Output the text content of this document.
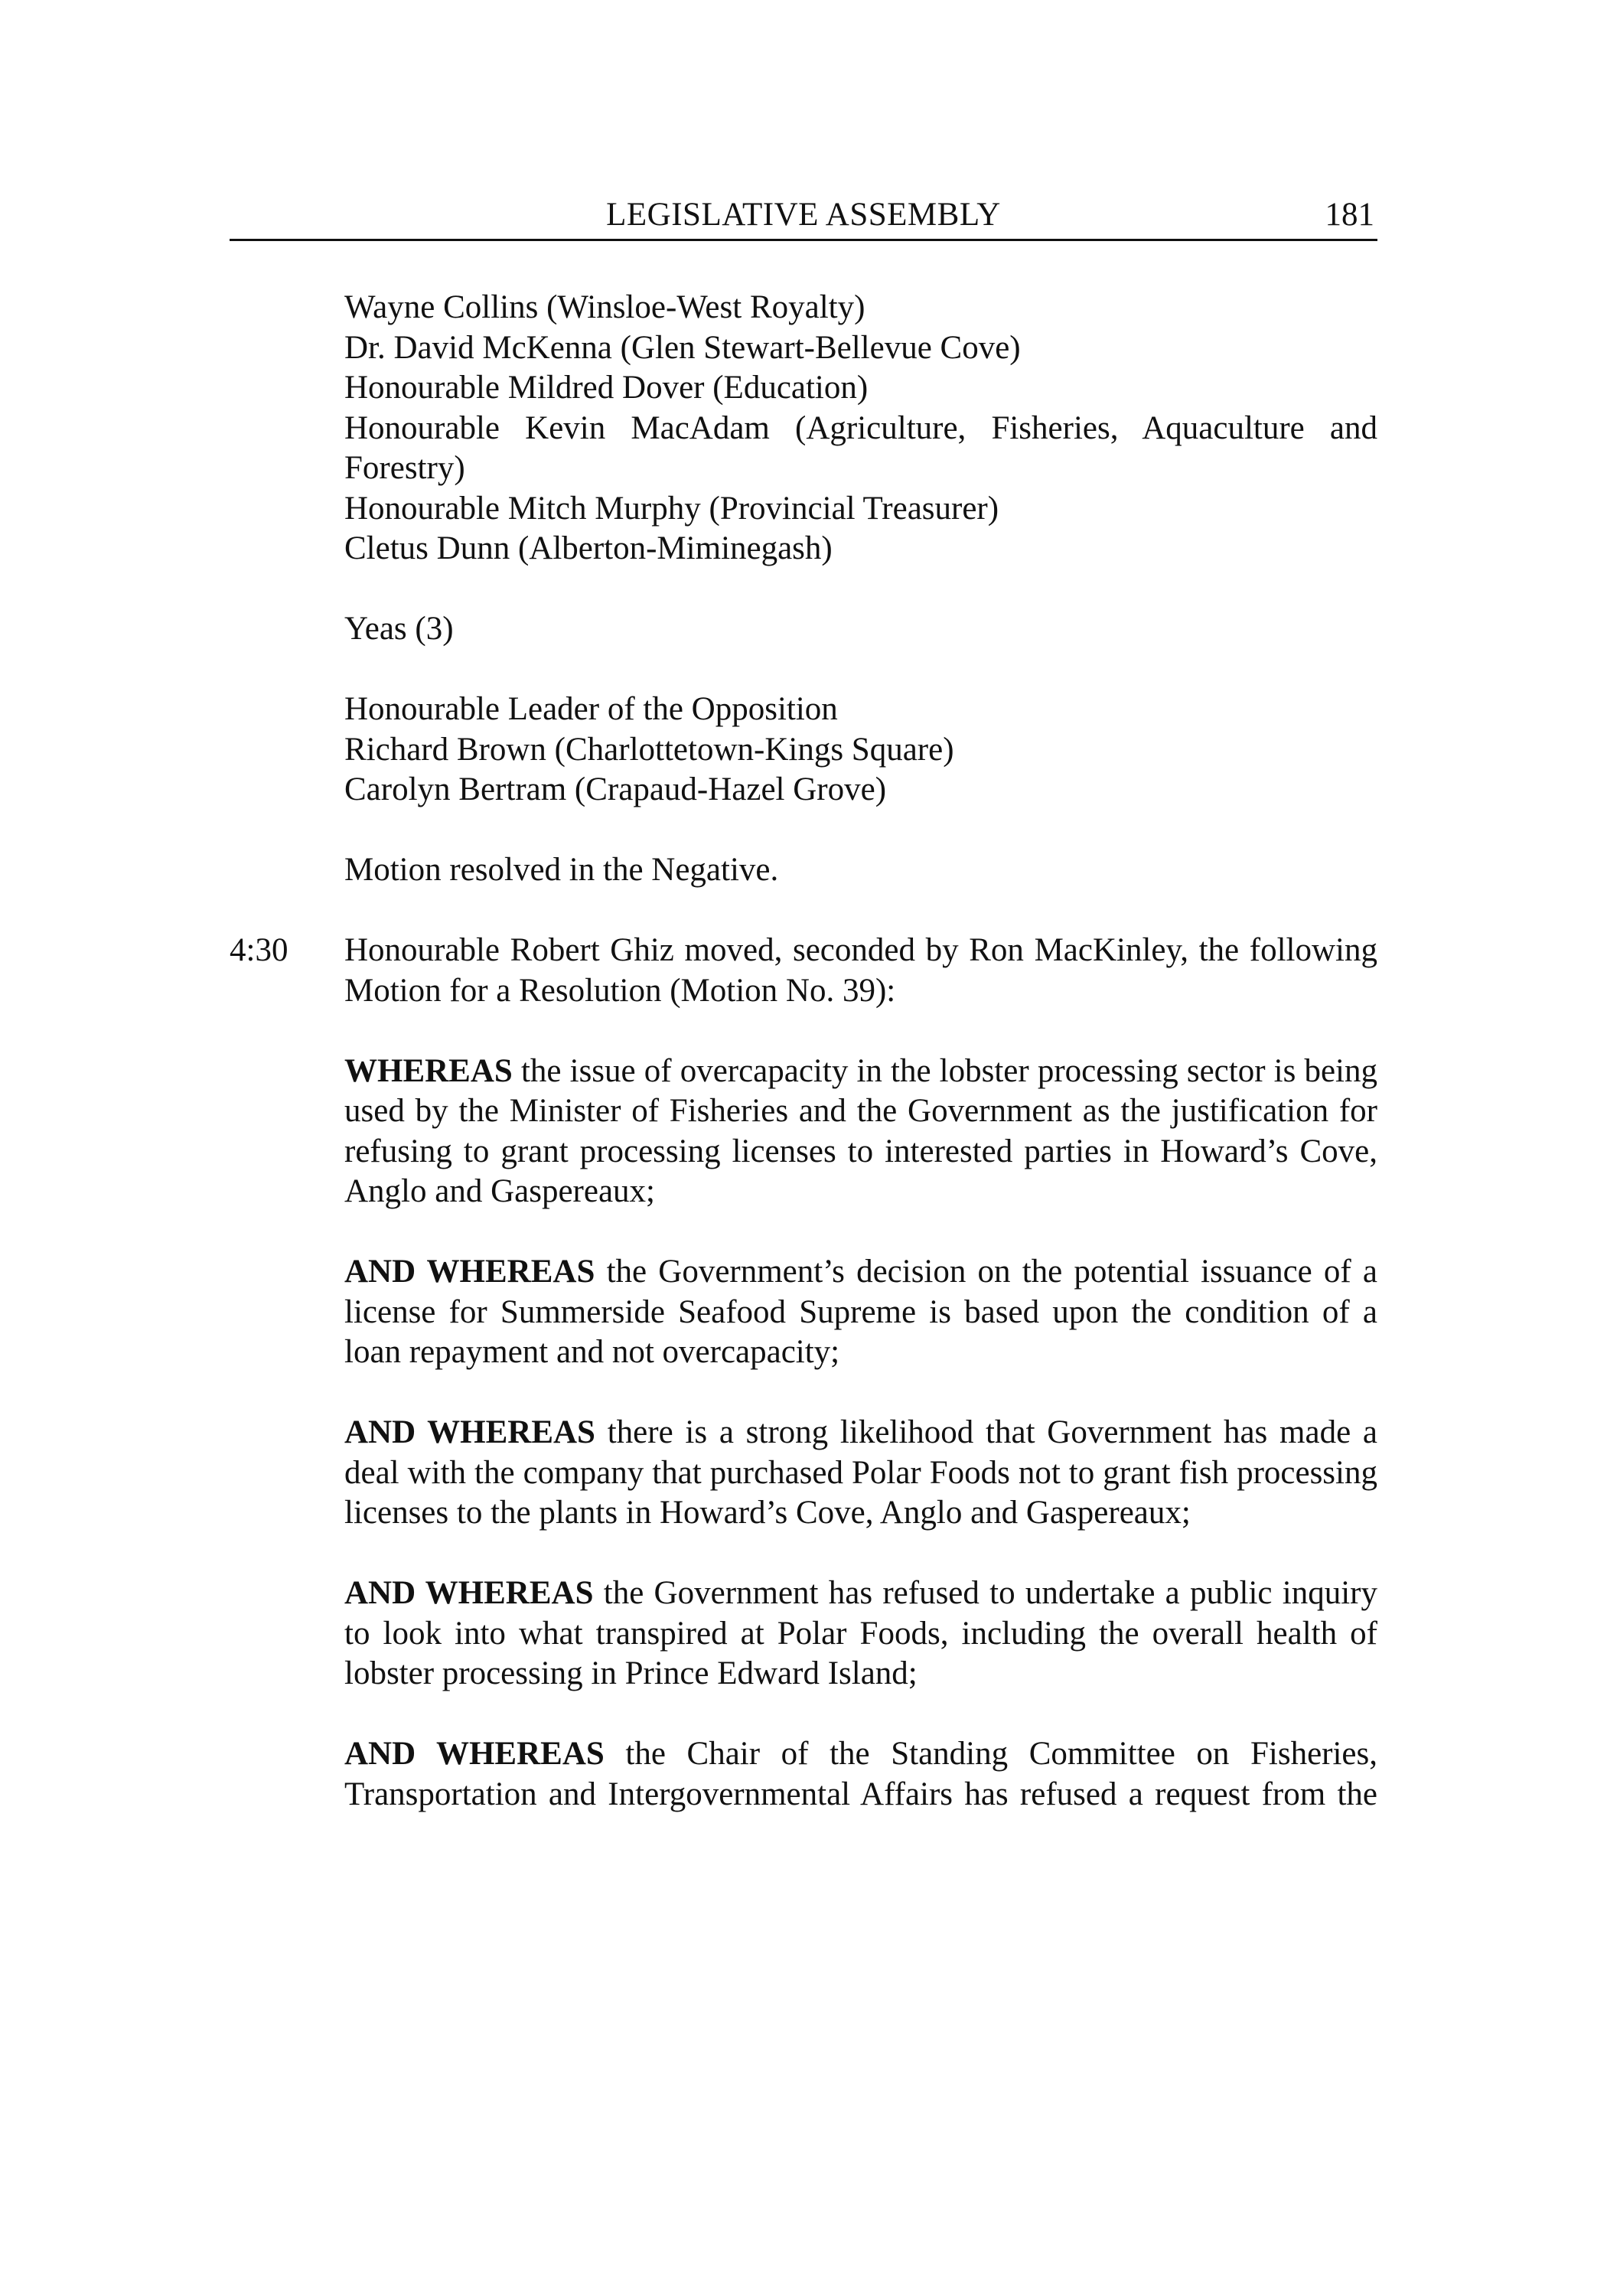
LEGISLATIVE ASSEMBLY	181
Wayne Collins (Winsloe-West Royalty)
Dr. David McKenna (Glen Stewart-Bellevue Cove)
Honourable Mildred Dover (Education)
Honourable Kevin MacAdam (Agriculture, Fisheries, Aquaculture and Forestry)
Honourable Mitch Murphy (Provincial Treasurer)
Cletus Dunn (Alberton-Miminegash)
Yeas (3)
Honourable Leader of the Opposition
Richard Brown (Charlottetown-Kings Square)
Carolyn Bertram (Crapaud-Hazel Grove)
Motion resolved in the Negative.
4:30 Honourable Robert Ghiz moved, seconded by Ron MacKinley, the following Motion for a Resolution (Motion No. 39):

WHEREAS the issue of overcapacity in the lobster processing sector is being used by the Minister of Fisheries and the Government as the justification for refusing to grant processing licenses to interested parties in Howard’s Cove, Anglo and Gaspereaux;

AND WHEREAS the Government’s decision on the potential issuance of a license for Summerside Seafood Supreme is based upon the condition of a loan repayment and not overcapacity;

AND WHEREAS there is a strong likelihood that Government has made a deal with the company that purchased Polar Foods not to grant fish processing licenses to the plants in Howard’s Cove, Anglo and Gaspereaux;

AND WHEREAS the Government has refused to undertake a public inquiry to look into what transpired at Polar Foods, including the overall health of lobster processing in Prince Edward Island;

AND WHEREAS the Chair of the Standing Committee on Fisheries, Transportation and Intergovernmental Affairs has refused a request from the
